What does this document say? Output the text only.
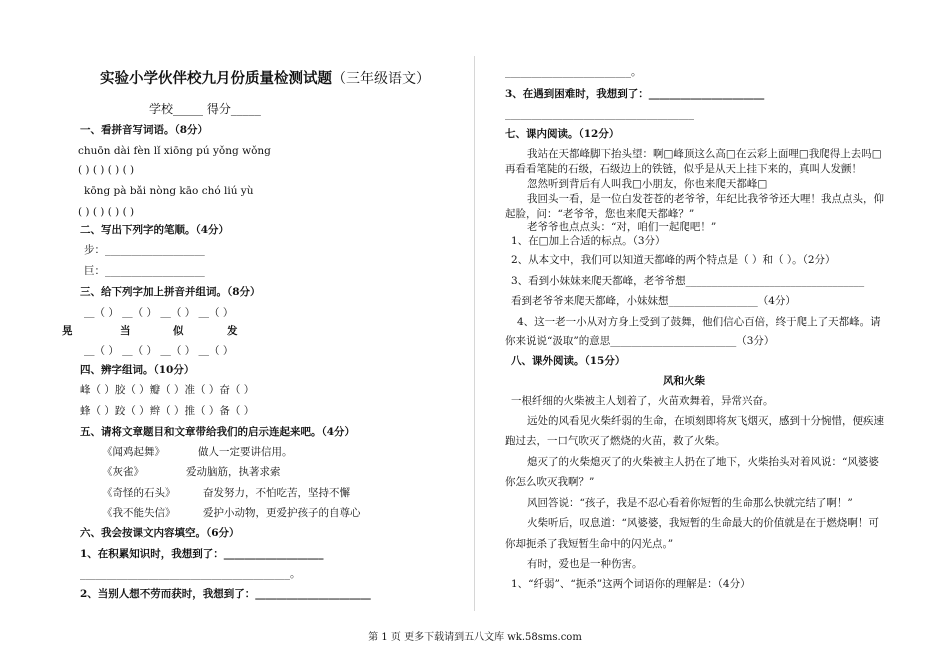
实验小学伙伴校九月份质量检测试题（三年级语文）
学校_____ 得分_____
一、看拼音写词语。（8分）
chuōn dài fèn lǐ xiōng pú yǒng wǒng
( ) ( ) ( ) ( )
kōng pà bǎi nòng kāo chó liú yù
( ) ( ) ( ) ( )
二、写出下列字的笔顺。（4分）
步：___________________
巨：___________________
三、给下列字加上拼音并组词。（8分）
＿（ ） ＿（ ） ＿（ ） ＿（ ）
晃	当	似	发
＿（ ） ＿（ ） ＿（ ） ＿（ ）
四、辨字组词。（10分）
峰（ ）胶（ ）瓣（ ）准（ ）奋（ ）
蜂（ ）跤（ ）辫（ ）推（ ）备（ ）
五、请将文章题目和文章带给我们的启示连起来吧。（4分）
《闻鸡起舞》	做人一定要讲信用。
《灰雀》	爱动脑筋，执著求索
《奇怪的石头》	奋发努力，不怕吃苦，坚持不懈
《我不能失信》	爱护小动物，更爱护孩子的自尊心
六、我会按课文内容填空。（6分）
1、在积累知识时，我想到了：___________________
________________________________________。
2、当别人想不劳而获时，我想到了：______________________
________________________。
3、在遇到困难时，我想到了：______________________
____________________________________
七、课内阅读。（12分）
我站在天都峰脚下抬头望：啊□峰顶这么高□在云彩上面哩□我爬得上去吗□
再看看笔陡的石级，石级边上的铁链，似乎是从天上挂下来的，真叫人发颤！
忽然听到背后有人叫我□小朋友，你也来爬天都峰□
我回头一看，是一位白发苍苍的老爷爷，年纪比我爷爷还大哩！我点点头，仰
起脸，问：“老爷爷，您也来爬天都峰？”
老爷爷也点点头：“对，咱们一起爬吧！”
1、在□加上合适的标点。（3分）
2、从本文中，我们可以知道天都峰的两个特点是（ ）和（ ）。（2分）
3、看到小妹妹来爬天都峰，老爷爷想__________________________________
看到老爷爷来爬天都峰，小妹妹想_________________（4分）
4、这一老一小从对方身上受到了鼓舞，他们信心百倍，终于爬上了天都峰。请
你来说说“汲取”的意思________________________（3分）
八、课外阅读。（15分）
风和火柴
一根纤细的火柴被主人划着了，火苗欢舞着，异常兴奋。
远处的风看见火柴纤弱的生命，在顷刻即将灰飞烟灭，感到十分惋惜，便疾速
跑过去，一口气吹灭了燃烧的火苗，救了火柴。
熄灭了的火柴熄灭了的火柴被主人扔在了地下，火柴抬头对着风说：“风婆婆
你怎么吹灭我啊？”
风回答说：“孩子，我是不忍心看着你短暂的生命那么快就完结了啊！”
火柴听后，叹息道：“风婆婆，我短暂的生命最大的价值就是在于燃烧啊！可
你却扼杀了我短暂生命中的闪光点。”
有时，爱也是一种伤害。
1、“纤弱”、“扼杀”这两个词语你的理解是：（4分）
第 1 页 更多下载请到五八文库 wk.58sms.com
